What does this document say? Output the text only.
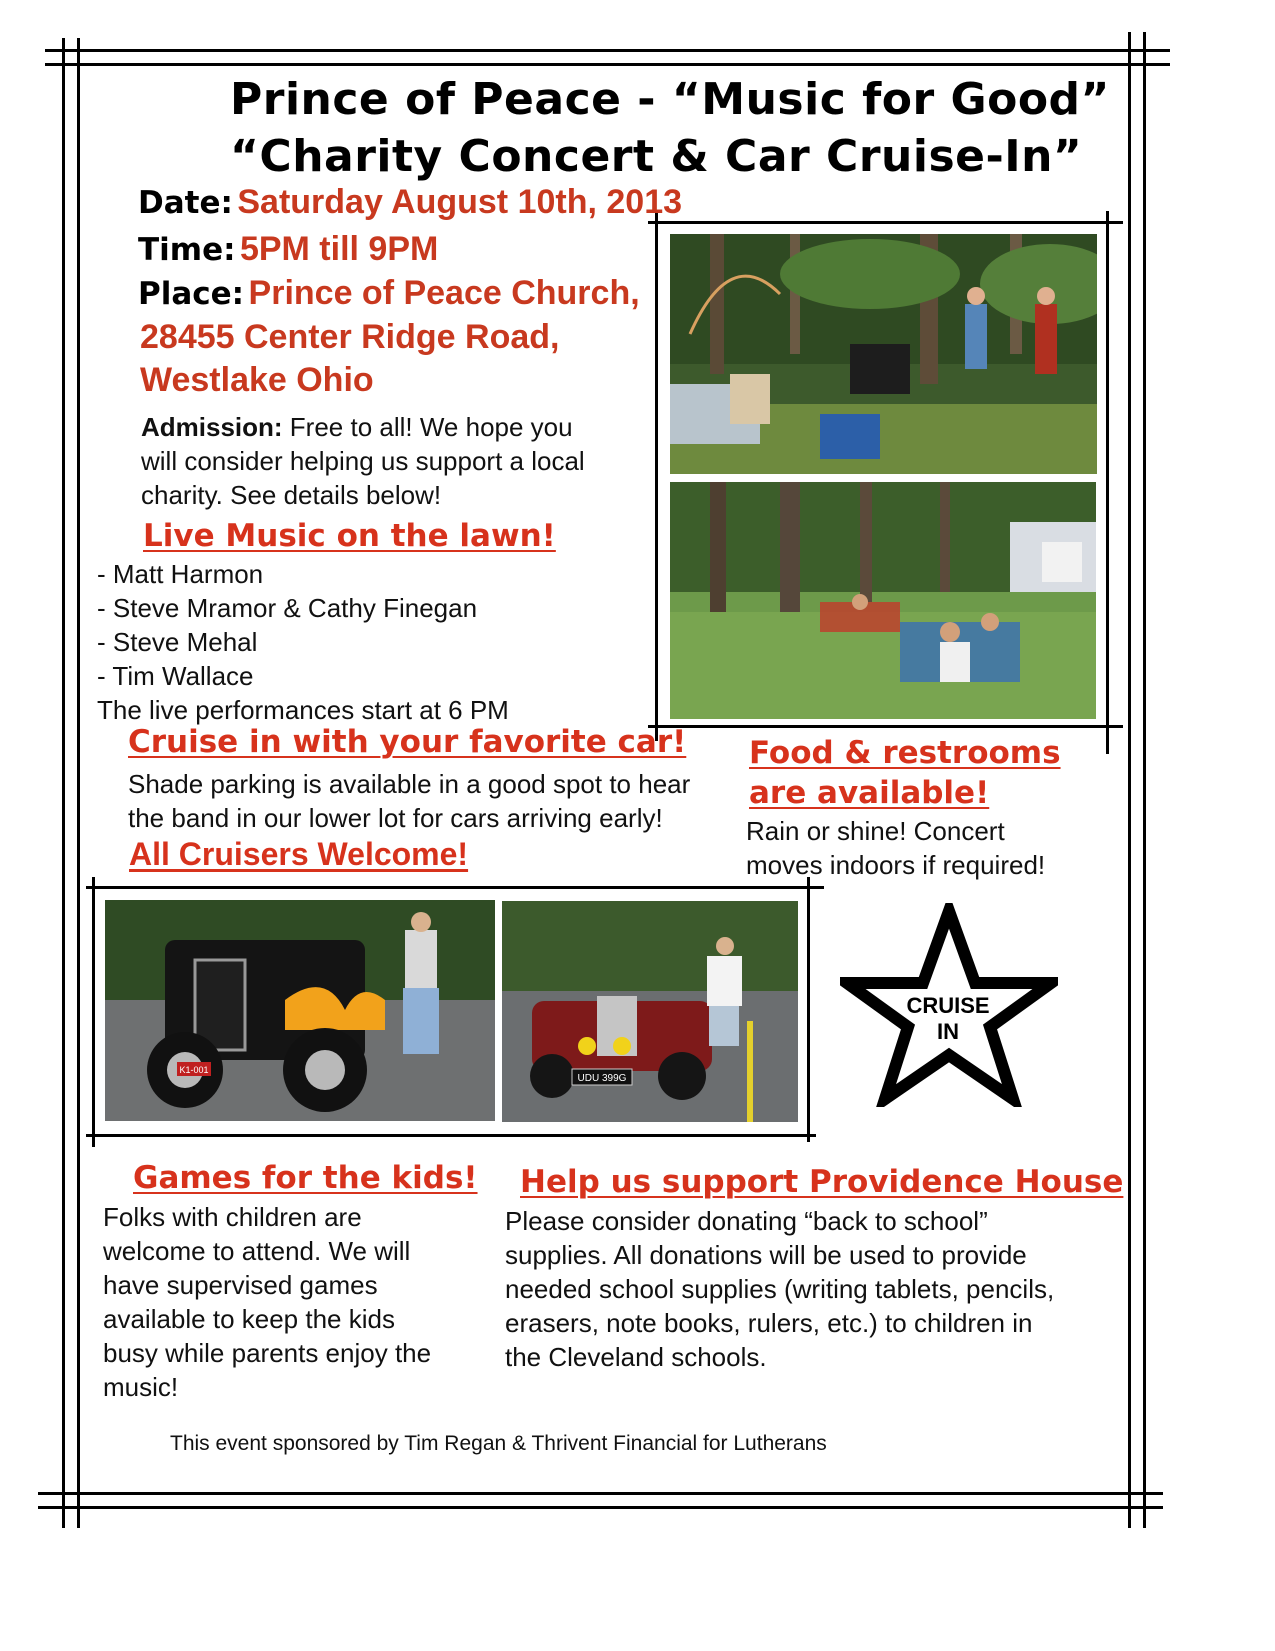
Prince of Peace - “Music for Good”
“Charity Concert & Car Cruise-In”
Date: Saturday August 10th, 2013
Time: 5PM till 9PM
Place: Prince of Peace Church,
28455 Center Ridge Road,
Westlake Ohio
Admission: Free to all! We hope you
will consider helping us support a local
charity. See details below!
Live Music on the lawn!
- Matt Harmon
- Steve Mramor & Cathy Finegan
- Steve Mehal
- Tim Wallace
The live performances start at 6 PM
Cruise in with your favorite car!
Shade parking is available in a good spot to hear
the band in our lower lot for cars arriving early!
All Cruisers Welcome!
Food & restrooms
are available!
Rain or shine! Concert
moves indoors if required!
K1-001
UDU 399G
CRUISE
IN
Games for the kids!
Folks with children are
welcome to attend. We will
have supervised games
available to keep the kids
busy while parents enjoy the
music!
Help us support Providence House
Please consider donating “back to school”
supplies. All donations will be used to provide
needed school supplies (writing tablets, pencils,
erasers, note books, rulers, etc.) to children in
the Cleveland schools.
This event sponsored by Tim Regan & Thrivent Financial for Lutherans
